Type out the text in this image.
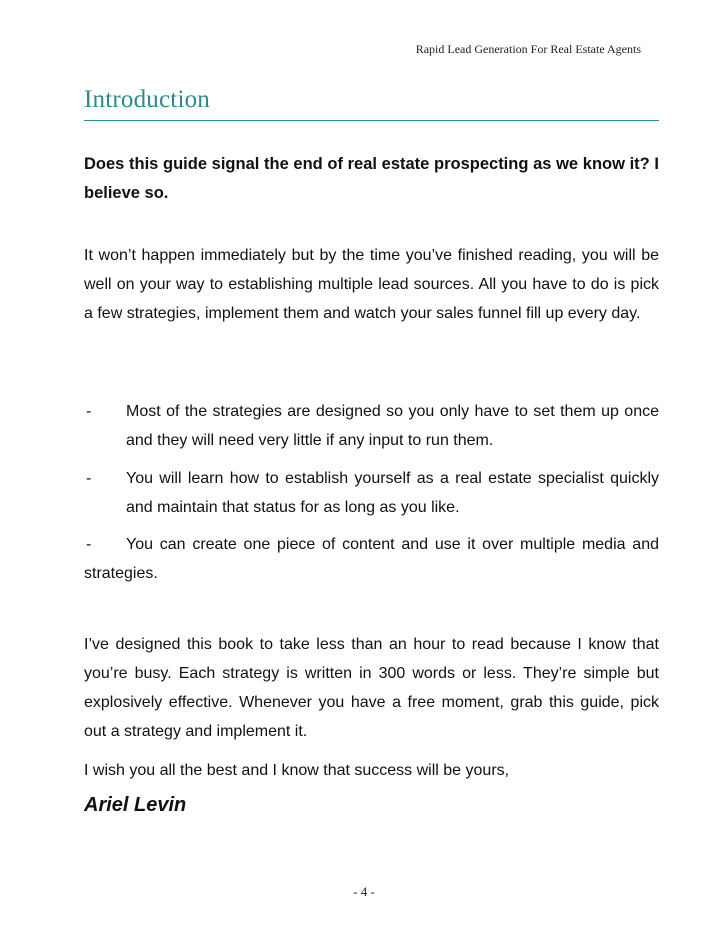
Rapid Lead Generation For Real Estate Agents
Introduction

Does this guide signal the end of real estate prospecting as we know it? I believe so.

It won’t happen immediately but by the time you’ve finished reading, you will be well on your way to establishing multiple lead sources. All you have to do is pick a few strategies, implement them and watch your sales funnel fill up every day.

- Most of the strategies are designed so you only have to set them up once and they will need very little if any input to run them.
- You will learn how to establish yourself as a real estate specialist quickly and maintain that status for as long as you like.
- You can create one piece of content and use it over multiple media and strategies.

I’ve designed this book to take less than an hour to read because I know that you’re busy. Each strategy is written in 300 words or less. They’re simple but explosively effective. Whenever you have a free moment, grab this guide, pick out a strategy and implement it.

I wish you all the best and I know that success will be yours,

Ariel Levin
- 4 -
